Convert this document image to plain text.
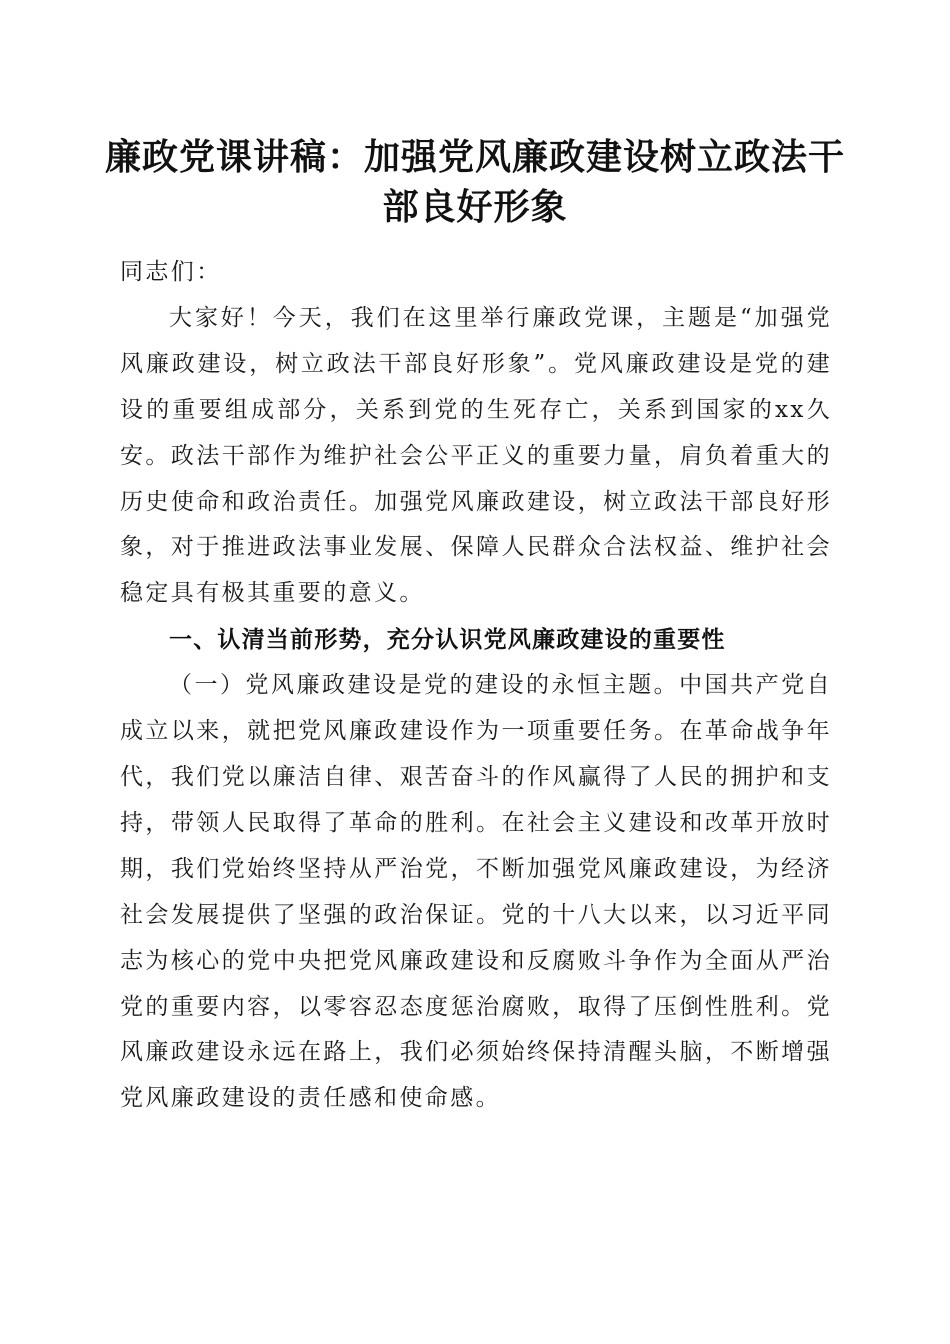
廉政党课讲稿：加强党风廉政建设树立政法干部良好形象

同志们：

大家好！今天，我们在这里举行廉政党课，主题是“加强党风廉政建设，树立政法干部良好形象”。党风廉政建设是党的建设的重要组成部分，关系到党的生死存亡，关系到国家的xx久安。政法干部作为维护社会公平正义的重要力量，肩负着重大的历史使命和政治责任。加强党风廉政建设，树立政法干部良好形象，对于推进政法事业发展、保障人民群众合法权益、维护社会稳定具有极其重要的意义。

一、认清当前形势，充分认识党风廉政建设的重要性

（一）党风廉政建设是党的建设的永恒主题。中国共产党自成立以来，就把党风廉政建设作为一项重要任务。在革命战争年代，我们党以廉洁自律、艰苦奋斗的作风赢得了人民的拥护和支持，带领人民取得了革命的胜利。在社会主义建设和改革开放时期，我们党始终坚持从严治党，不断加强党风廉政建设，为经济社会发展提供了坚强的政治保证。党的十八大以来，以习近平同志为核心的党中央把党风廉政建设和反腐败斗争作为全面从严治党的重要内容，以零容忍态度惩治腐败，取得了压倒性胜利。党风廉政建设永远在路上，我们必须始终保持清醒头脑，不断增强党风廉政建设的责任感和使命感。
